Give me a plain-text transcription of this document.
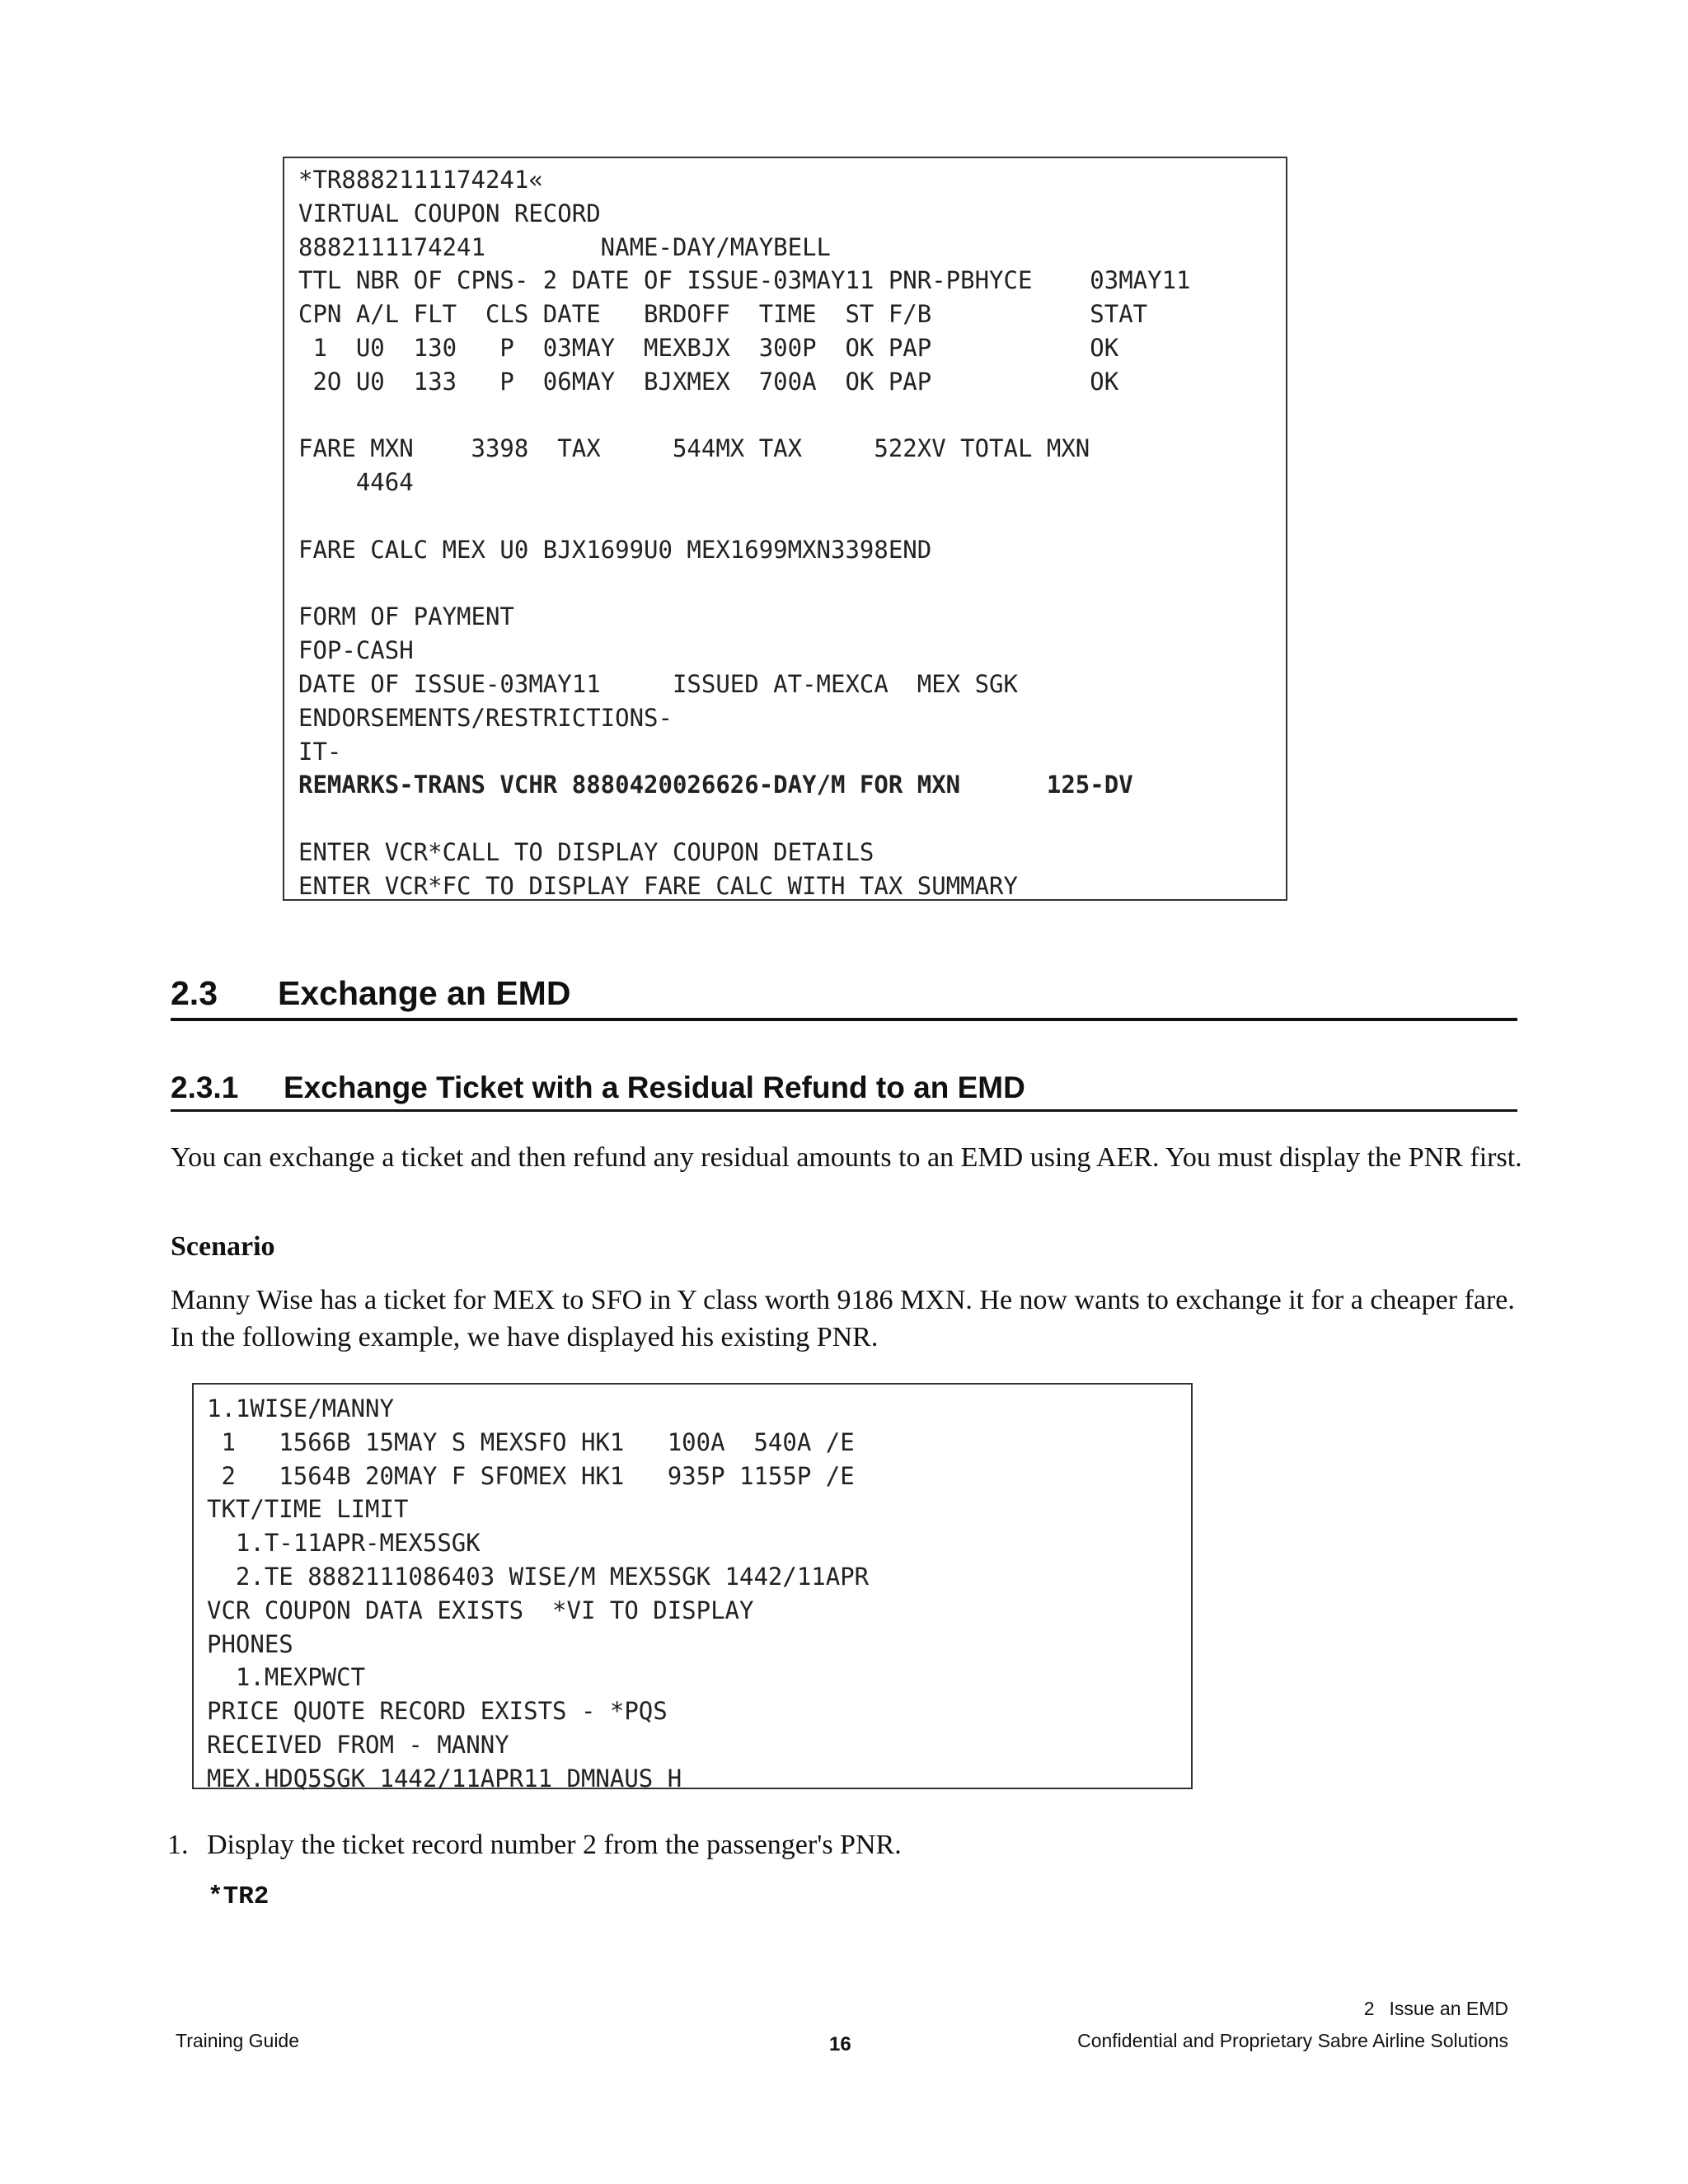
*TR8882111174241«
VIRTUAL COUPON RECORD
8882111174241        NAME-DAY/MAYBELL
TTL NBR OF CPNS- 2 DATE OF ISSUE-03MAY11 PNR-PBHYCE    03MAY11
CPN A/L FLT  CLS DATE   BRDOFF  TIME  ST F/B           STAT
1  U0  130   P  03MAY  MEXBJX  300P  OK PAP           OK
2O U0  133   P  06MAY  BJXMEX  700A  OK PAP           OK
FARE MXN    3398  TAX     544MX TAX     522XV TOTAL MXN
4464
FARE CALC MEX U0 BJX1699U0 MEX1699MXN3398END
FORM OF PAYMENT
FOP-CASH
DATE OF ISSUE-03MAY11     ISSUED AT-MEXCA  MEX SGK
ENDORSEMENTS/RESTRICTIONS-
IT-
REMARKS-TRANS VCHR 8880420026626-DAY/M FOR MXN      125-DV
ENTER VCR*CALL TO DISPLAY COUPON DETAILS
ENTER VCR*FC TO DISPLAY FARE CALC WITH TAX SUMMARY
2.3 Exchange an EMD
2.3.1 Exchange Ticket with a Residual Refund to an EMD
You can exchange a ticket and then refund any residual amounts to an EMD using AER. You must display the PNR first.
Scenario
Manny Wise has a ticket for MEX to SFO in Y class worth 9186 MXN. He now wants to exchange it for a cheaper fare. In the following example, we have displayed his existing PNR.
1.1WISE/MANNY
1   1566B 15MAY S MEXSFO HK1   100A  540A /E
2   1564B 20MAY F SFOMEX HK1   935P 1155P /E
TKT/TIME LIMIT
1.T-11APR-MEX5SGK
2.TE 8882111086403 WISE/M MEX5SGK 1442/11APR
VCR COUPON DATA EXISTS  *VI TO DISPLAY
PHONES
1.MEXPWCT
PRICE QUOTE RECORD EXISTS - *PQS
RECEIVED FROM - MANNY
MEX.HDQ5SGK 1442/11APR11 DMNAUS H
1. Display the ticket record number 2 from the passenger's PNR.
*TR2
2 Issue an EMD
Training Guide	16	Confidential and Proprietary Sabre Airline Solutions
